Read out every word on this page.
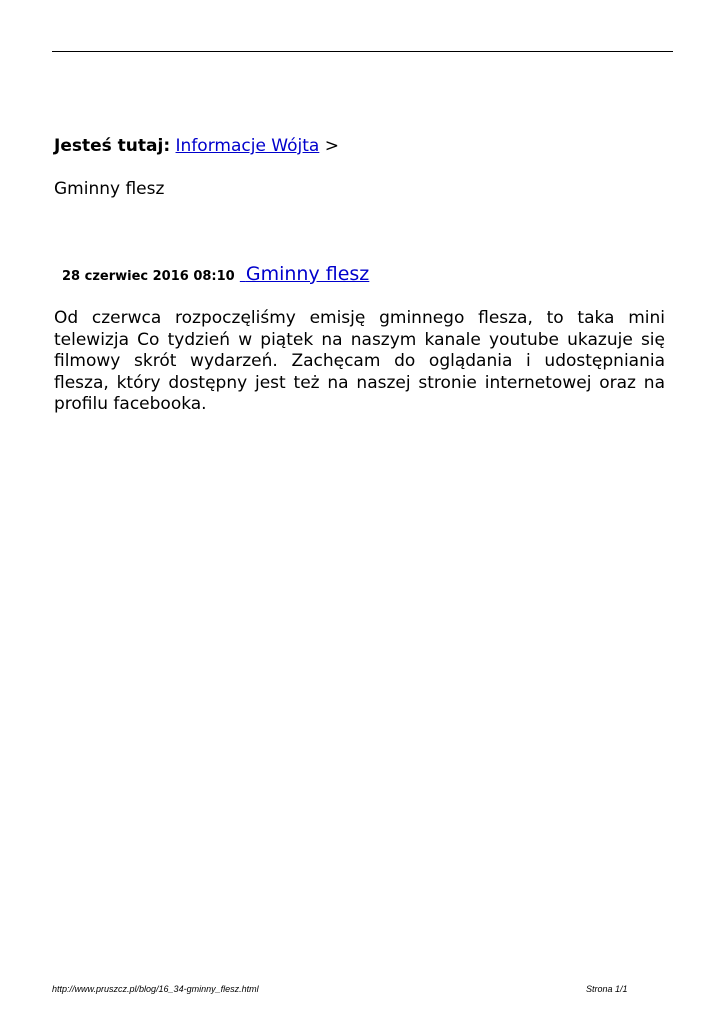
Jesteś tutaj: Informacje Wójta >
Gminny flesz
28 czerwiec 2016 08:10 Gminny flesz
Od czerwca rozpoczęliśmy emisję gminnego flesza, to taka mini telewizja Co tydzień w piątek na naszym kanale youtube ukazuje się filmowy skrót wydarzeń. Zachęcam do oglądania i udostępniania flesza, który dostępny jest też na naszej stronie internetowej oraz na profilu facebooka.
http://www.pruszcz.pl/blog/16_34-gminny_flesz.html	Strona 1/1
